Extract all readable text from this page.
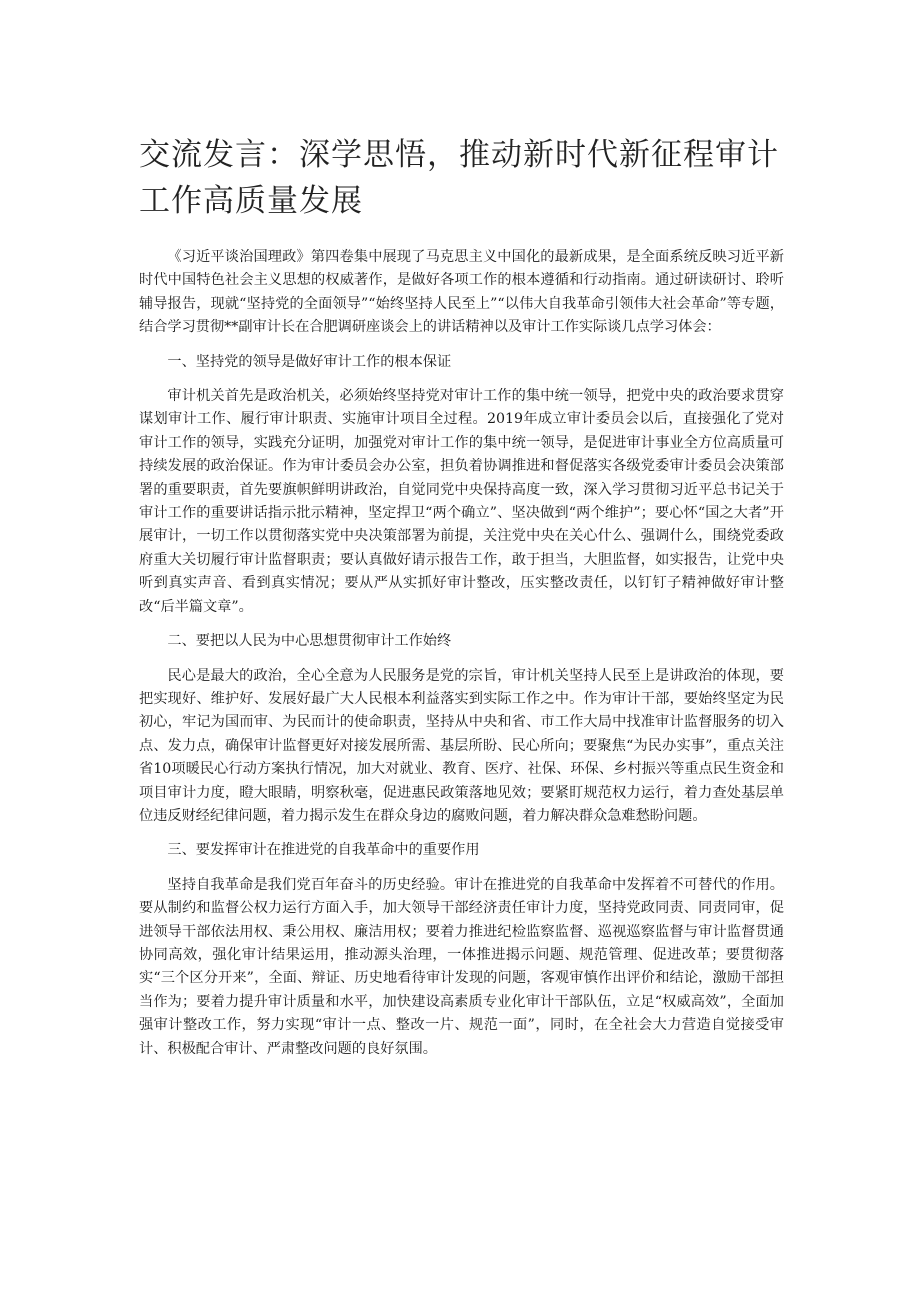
交流发言：深学思悟，推动新时代新征程审计工作高质量发展

《习近平谈治国理政》第四卷集中展现了马克思主义中国化的最新成果，是全面系统反映习近平新时代中国特色社会主义思想的权威著作，是做好各项工作的根本遵循和行动指南。通过研读研讨、聆听辅导报告，现就“坚持党的全面领导”“始终坚持人民至上”“以伟大自我革命引领伟大社会革命”等专题，结合学习贯彻**副审计长在合肥调研座谈会上的讲话精神以及审计工作实际谈几点学习体会：

一、坚持党的领导是做好审计工作的根本保证

审计机关首先是政治机关，必须始终坚持党对审计工作的集中统一领导，把党中央的政治要求贯穿谋划审计工作、履行审计职责、实施审计项目全过程。2019年成立审计委员会以后，直接强化了党对审计工作的领导，实践充分证明，加强党对审计工作的集中统一领导，是促进审计事业全方位高质量可持续发展的政治保证。作为审计委员会办公室，担负着协调推进和督促落实各级党委审计委员会决策部署的重要职责，首先要旗帜鲜明讲政治，自觉同党中央保持高度一致，深入学习贯彻习近平总书记关于审计工作的重要讲话指示批示精神，坚定捍卫“两个确立”、坚决做到“两个维护”；要心怀“国之大者”开展审计，一切工作以贯彻落实党中央决策部署为前提，关注党中央在关心什么、强调什么，围绕党委政府重大关切履行审计监督职责；要认真做好请示报告工作，敢于担当，大胆监督，如实报告，让党中央听到真实声音、看到真实情况；要从严从实抓好审计整改，压实整改责任，以钉钉子精神做好审计整改“后半篇文章”。

二、要把以人民为中心思想贯彻审计工作始终

民心是最大的政治，全心全意为人民服务是党的宗旨，审计机关坚持人民至上是讲政治的体现，要把实现好、维护好、发展好最广大人民根本利益落实到实际工作之中。作为审计干部，要始终坚定为民初心，牢记为国而审、为民而计的使命职责，坚持从中央和省、市工作大局中找准审计监督服务的切入点、发力点，确保审计监督更好对接发展所需、基层所盼、民心所向；要聚焦“为民办实事”，重点关注省10项暖民心行动方案执行情况，加大对就业、教育、医疗、社保、环保、乡村振兴等重点民生资金和项目审计力度，瞪大眼睛，明察秋毫，促进惠民政策落地见效；要紧盯规范权力运行，着力查处基层单位违反财经纪律问题，着力揭示发生在群众身边的腐败问题，着力解决群众急难愁盼问题。

三、要发挥审计在推进党的自我革命中的重要作用

坚持自我革命是我们党百年奋斗的历史经验。审计在推进党的自我革命中发挥着不可替代的作用。要从制约和监督公权力运行方面入手，加大领导干部经济责任审计力度，坚持党政同责、同责同审，促进领导干部依法用权、秉公用权、廉洁用权；要着力推进纪检监察监督、巡视巡察监督与审计监督贯通协同高效，强化审计结果运用，推动源头治理，一体推进揭示问题、规范管理、促进改革；要贯彻落实“三个区分开来”，全面、辩证、历史地看待审计发现的问题，客观审慎作出评价和结论，激励干部担当作为；要着力提升审计质量和水平，加快建设高素质专业化审计干部队伍，立足“权威高效”，全面加强审计整改工作，努力实现“审计一点、整改一片、规范一面”，同时，在全社会大力营造自觉接受审计、积极配合审计、严肃整改问题的良好氛围。
